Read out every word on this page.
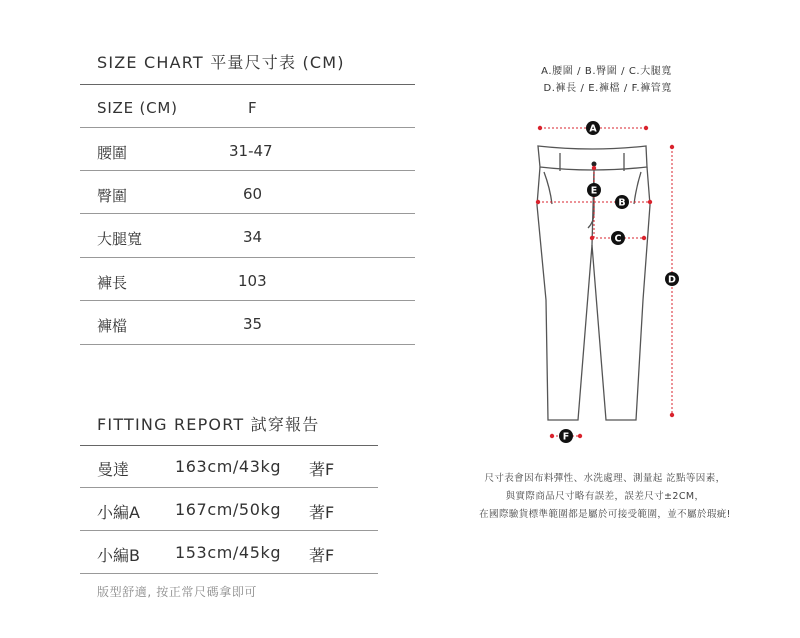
SIZE CHART 平量尺寸表 (CM)
SIZE (CM)	F
腰圍	31-47
臀圍	60
大腿寬	34
褲長	103
褲檔	35
FITTING REPORT 試穿報告
曼達	163cm/43kg 著F
小編A 167cm/50kg 著F
小編B 153cm/45kg 著F
版型舒適, 按正常尺碼拿即可
A.腰圍 / B.臀圍 / C.大腿寬
D.褲長 / E.褲檔 / F.褲管寬
A
B
C
D
E
F
尺寸表會因布料彈性、水洗處理、測量起 訖點等因素，
與實際商品尺寸略有誤差，誤差尺寸±2CM，
在國際驗貨標準範圍都是屬於可接受範圍，並不屬於瑕疵!
